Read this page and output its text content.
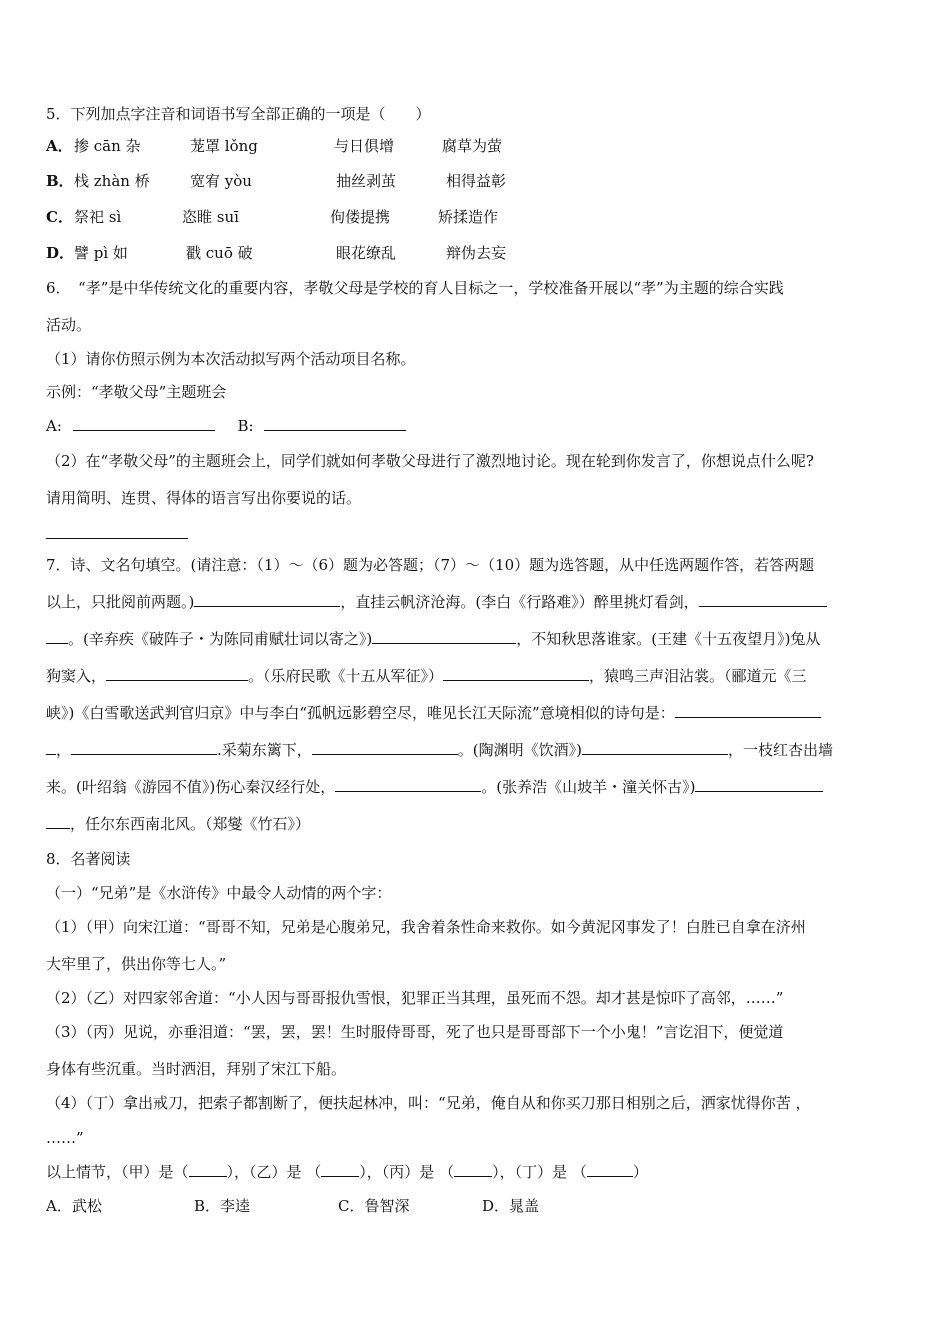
5．下列加点字注音和词语书写全部正确的一项是（　　）
A． 掺 cān 杂	茏罩 lǒng	与日俱增	腐草为萤
B． 栈 zhàn 桥	宽宥 yòu	抽丝剥茧	相得益彰
C． 祭祀 sì	恣睢 suī	佝偻提携	矫揉造作
D． 譬 pì 如	戳 cuō 破	眼花缭乱	辩伪去妄
6．　“孝”是中华传统文化的重要内容，孝敬父母是学校的育人目标之一，学校准备开展以“孝”为主题的综合实践
活动。
（1）请你仿照示例为本次活动拟写两个活动项目名称。
示例：“孝敬父母”主题班会
A:	B:
（2）在“孝敬父母”的主题班会上，同学们就如何孝敬父母进行了激烈地讨论。现在轮到你发言了，你想说点什么呢?
请用简明、连贯、得体的语言写出你要说的话。
7．诗、文名句填空。(请注意：（1）～（6）题为必答题；（7）～（10）题为选答题，从中任选两题作答，若答两题
以上，只批阅前两题。)	，直挂云帆济沧海。(李白《行路难》）醉里挑灯看剑，
。(辛弃疾《破阵子・为陈同甫赋壮词以寄之》)	，不知秋思落谁家。(王建《十五夜望月》)兔从
狗窦入，	。（乐府民歌《十五从军征》）	，猿鸣三声泪沾裳。（郦道元《三
峡》)《白雪歌送武判官归京》中与李白“孤帆远影碧空尽，唯见长江天际流”意境相似的诗句是：
，	.采菊东篱下，	。(陶渊明《饮酒》)	，一枝红杏出墙
来。(叶绍翁《游园不值》)伤心秦汉经行处，	。(张养浩《山坡羊・潼关怀古》)
，任尔东西南北风。（郑燮《竹石》）
8．名著阅读
（一）“兄弟”是《水浒传》中最令人动情的两个字：
（1）（甲）向宋江道：“哥哥不知，兄弟是心腹弟兄，我舍着条性命来救你。如今黄泥冈事发了！白胜已自拿在济州
大牢里了，供出你等七人。”
（2）（乙）对四家邻舍道：“小人因与哥哥报仇雪恨，犯罪正当其理，虽死而不怨。却才甚是惊吓了高邻，……”
（3）（丙）见说，亦垂泪道：“罢，罢，罢！生时服侍哥哥，死了也只是哥哥部下一个小鬼！”言讫泪下，便觉道
身体有些沉重。当时洒泪，拜别了宋江下船。
（4）（丁）拿出戒刀，把索子都割断了，便扶起林冲，叫：“兄弟，俺自从和你买刀那日相别之后，洒家忧得你苦 ，
……”
以上情节，（甲）是（	），（乙）是 （	），（丙）是 （	），（丁）是 （	）
A．武松	B．李逵	C．鲁智深	D．晁盖
